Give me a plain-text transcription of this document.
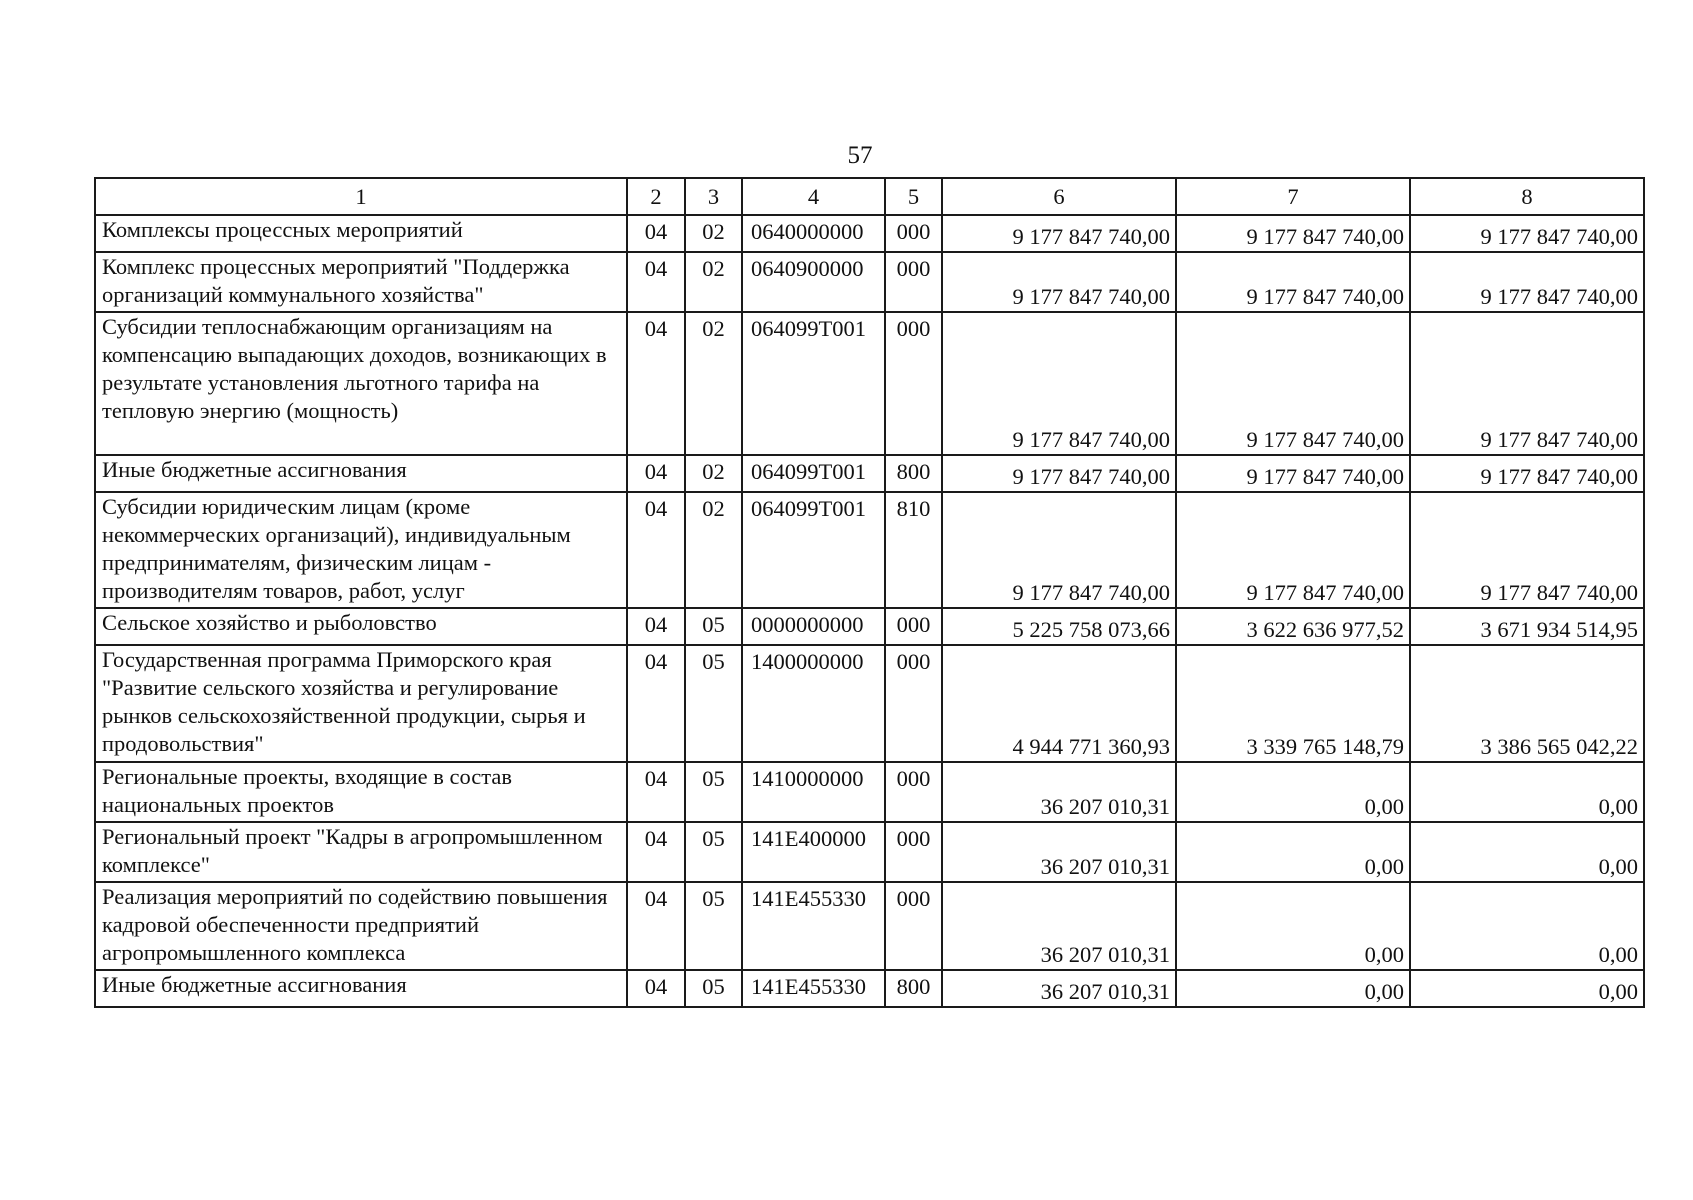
57
1	2	3	4	5	6	7	8
Комплексы процессных мероприятий	04	02	0640000000	000	9 177 847 740,00	9 177 847 740,00	9 177 847 740,00
Комплекс процессных мероприятий "Поддержка организаций коммунального хозяйства"	04	02	0640900000	000	9 177 847 740,00	9 177 847 740,00	9 177 847 740,00
Субсидии теплоснабжающим организациям на компенсацию выпадающих доходов, возникающих в результате установления льготного тарифа на тепловую энергию (мощность)	04	02	064099Т001	000	9 177 847 740,00	9 177 847 740,00	9 177 847 740,00
Иные бюджетные ассигнования	04	02	064099Т001	800	9 177 847 740,00	9 177 847 740,00	9 177 847 740,00
Субсидии юридическим лицам (кроме некоммерческих организаций), индивидуальным предпринимателям, физическим лицам - производителям товаров, работ, услуг	04	02	064099Т001	810	9 177 847 740,00	9 177 847 740,00	9 177 847 740,00
Сельское хозяйство и рыболовство	04	05	0000000000	000	5 225 758 073,66	3 622 636 977,52	3 671 934 514,95
Государственная программа Приморского края "Развитие сельского хозяйства и регулирование рынков сельскохозяйственной продукции, сырья и продовольствия"	04	05	1400000000	000	4 944 771 360,93	3 339 765 148,79	3 386 565 042,22
Региональные проекты, входящие в состав национальных проектов	04	05	1410000000	000	36 207 010,31	0,00	0,00
Региональный проект "Кадры в агропромышленном комплексе"	04	05	141Е400000	000	36 207 010,31	0,00	0,00
Реализация мероприятий по содействию повышения кадровой обеспеченности предприятий агропромышленного комплекса	04	05	141Е455330	000	36 207 010,31	0,00	0,00
Иные бюджетные ассигнования	04	05	141Е455330	800	36 207 010,31	0,00	0,00
